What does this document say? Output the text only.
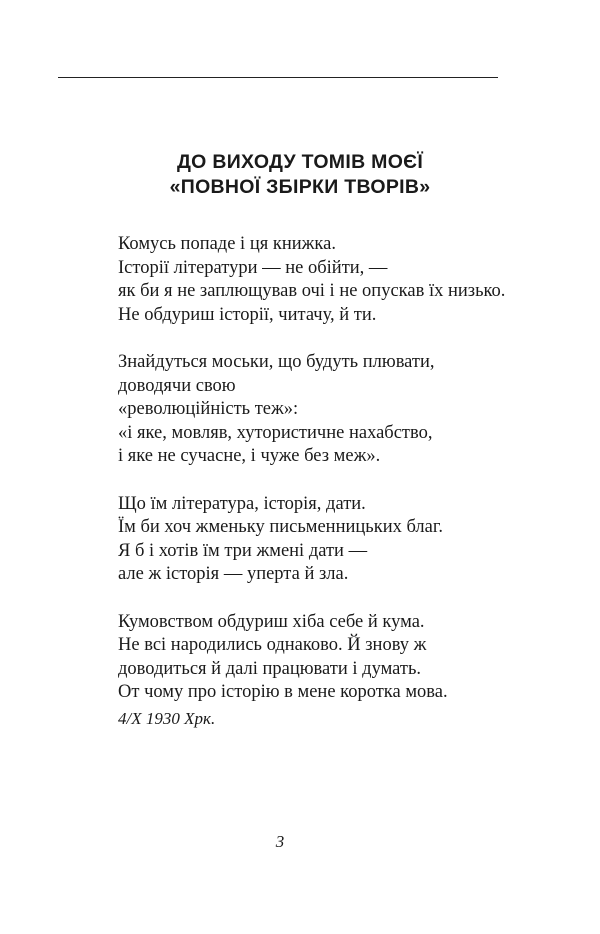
ДО ВИХОДУ ТОМІВ МОЄЇ
«ПОВНОЇ ЗБІРКИ ТВОРІВ»
Комусь попаде і ця книжка.
Історії літератури — не обійти, —
як би я не заплющував очі і не опускав їх низько.
Не обдуриш історії, читачу, й ти.
Знайдуться моськи, що будуть плювати,
доводячи свою
«революційність теж»:
«і яке, мовляв, хутористичне нахабство,
і яке не сучасне, і чуже без меж».
Що їм література, історія, дати.
Їм би хоч жменьку письменницьких благ.
Я б і хотів їм три жмені дати —
але ж історія — уперта й зла.
Кумовством обдуриш хіба себе й кума.
Не всі народились однаково. Й знову ж
доводиться й далі працювати і думать.
От чому про історію в мене коротка мова.
4/X 1930 Хрк.
3
